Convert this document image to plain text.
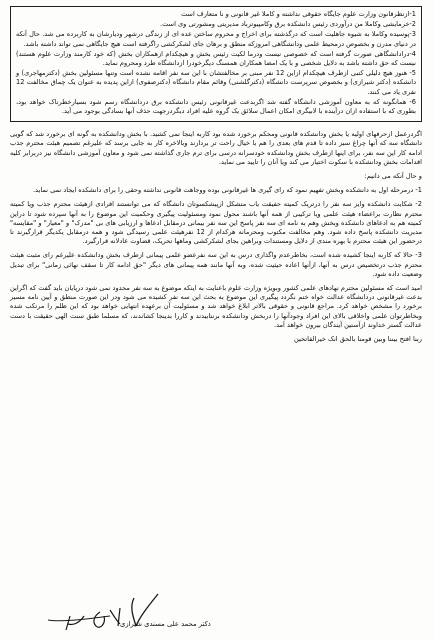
1-ازنظرقانون وزارت علوم جایگاه حقوقی نداشته و کاملا غیر قانونی و نا متعارف است

2-خرمایشی وکاملا من درآوردی رئیس دانشکده برق وکامپیوترباد مدیریتی ومشورتی وی است.

3-پوسیده وکاملا به شیوه جاهلیت است که درگذشته برای اخراج و محروم ساختن عده ای از زندگی درشهر ودیارشان به کاربرده می شد. حال آنکه در دنیای مدرن و بخصوص درمحیط علمی ودانشگاهی امروزکه منطق و برهان جای لشکرکشی راگرفته است هیچ جایگاهی نمی تواند داشته باشد.

4-درادانشگاهی صورت گرفته است که خصوصی نیست ودرما لکیت رئیس بخش و هیچکدام ازهمکاران بخش (که خود کارمند وزارت علوم هستند) نیست که حق داشته باشد به دلایل شخصی و با یک امضا همکاران همسنگ دیگرخودرا ازدانشگاه طرد ومحروم نماید.

5- هنوز هیچ دلیلی کتبی ازطرف هیچکدام ازاین 12 نفر مبنی بر مخالفتشان با این سه نفر اقامه نشده است وتنها مسئولین بخش (دکترمهاجری) و دانشکده (دکتر شیرازی) و بخصوص سرپرست دانشگاه (دکترگلشنی) وقائم مقام دانشگاه (دکترصفوی) ازاین پدیده به عنوان یک چماق مخالفت 12 نفری یاد می کنند.

6- همانگونه که به معاون آموزشی دانشگاه گفته شد اگربدعت غیرقانونی رئیس دانشکده برق دردانشگاه رسم شود بسیارخطرناک خواهد بود، بطوری که با استفاده ازان درآینده با لابیگری امکان اعمال سلائق یک گروه علیه افراد دیگردرجهت حذف آنها بسادگی بوجود می آید.

اگردرعمل ازحرفهای اولیه یا بخش ودانشکده قانونی ومحکم برخورد شده بود کاربه اینجا نمی کشید. با بخش ودانشکده به گونه ای برخورد شد که گویی دانشگاه سه که آنها چراغ سبز داده تا قدم های بعدی را هم با خیال راحت تر بردارند وبالاخره کار به جایی برسد که علیرغم تصمیم هیئت محترم جذب ادامه کار این سه نفر، برای اینها ازطرف بخش ودانشکده خودسرانه درسی برای ترم جاری گذاشته نمی شود و معاون آموزشی دانشگاه نیز دربرابر کلیه اقدامات بخش ودانشکده با سکوت اختیار می کند ویا آنان را تایید می نماید.

و حال آنکه می دانیم:

1- درمرحله اول به دانشکده وبخش تفهیم نمود که رای گیری ها غیرقانونی بوده ووجاهت قانونی نداشته وحقی را برای دانشکده ایجاد نمی نماید.

2- شکایت دانشکده وایز سه نفر را درتریک کمیته حفیقت یاب متشکل ازپیشکسوتان دانشگاه که می توانستند افرادی ازهیئت محترم جذب ویا کمیته محترم نظارت براعضاء هیئت علمی ویا ترکیبی از همه آنها باشند محول نمود ومسئولیت پیگیری وحکمیت این موضوع را به آنها سپرده شود تا دراین کمیته هم به ادعاهای دانشکده وبخش وهم به نامه ای سه نفر پاسخ این سه نفر بیمانی درمقابل ادعاها و ارزیابی های بی "مدرک" و "معیار" و "مقایسه" مدیریت دانشکده پاسخ داده شود. وهم مخالفت مکتوب ومحرمانه هرکدام از 12 نفرهیئت علمی رسیدگی شود و همه درمقابل یکدیگر قرارگیرند تا درحضور این هیئت محترم با بهره مندی از دلایل ومستندات وبراهین بجای لشکرکشی وماهها تحریک، قضاوت عادلانه قرارگیرد.

3- حالا که کاربه اینجا کشیده شده است، بخاطرعدم واگذاری درس به این سه نفرعضو علمی پیمانی ازطرف بخش ودانشکده علیرغم رای مثبت هیئت محترم جذب درتخصیص درس به آنها، ازآنها اعاده حیثیت شده، وبه آنها مانند همه پیمانی های دیگر "حق ادامه کار تا سقف نهائی زمانی" برای تبدیل وضعیت داده شود.

امید است که مسئولین محترم نهادهای علمی کشور وبویژه وزارت علوم باعنایت به اینکه موضوع به سه نفر محدود نمی شود درپایان باید گفت که اگراین بدعت غیرقانونی دردانشگاه عدالت خواه ختم نگردد پیگیری این موضوع به بحث این سه نفر کشیده می شود ودر این صورت منطق و آیین نامه مسیر برخورد را مشخص خواهد کرد. مراجع قانونی و حقوقی بالاتر ابلاغ خواهد شد و مسئولیت آن برعهده انتهایی خواهد بود که این ظلم را مرتکب شده وبخاطرتوان علمی واخلاقی بالای این افراد وجودآنها را دربخش ودانشکده برنتابیدند و کاررا بدینجا کشاندند، که مسلما طبق سنت الهی حقیقت با دست عدالت گستر خداوند ازآستین آیندگان بیرون خواهد آمد.

ربنا افتح بیننا وبین قومنا بالحق انک خیرالفاتحین

دکتر محمد علی مسندی شیرازی
